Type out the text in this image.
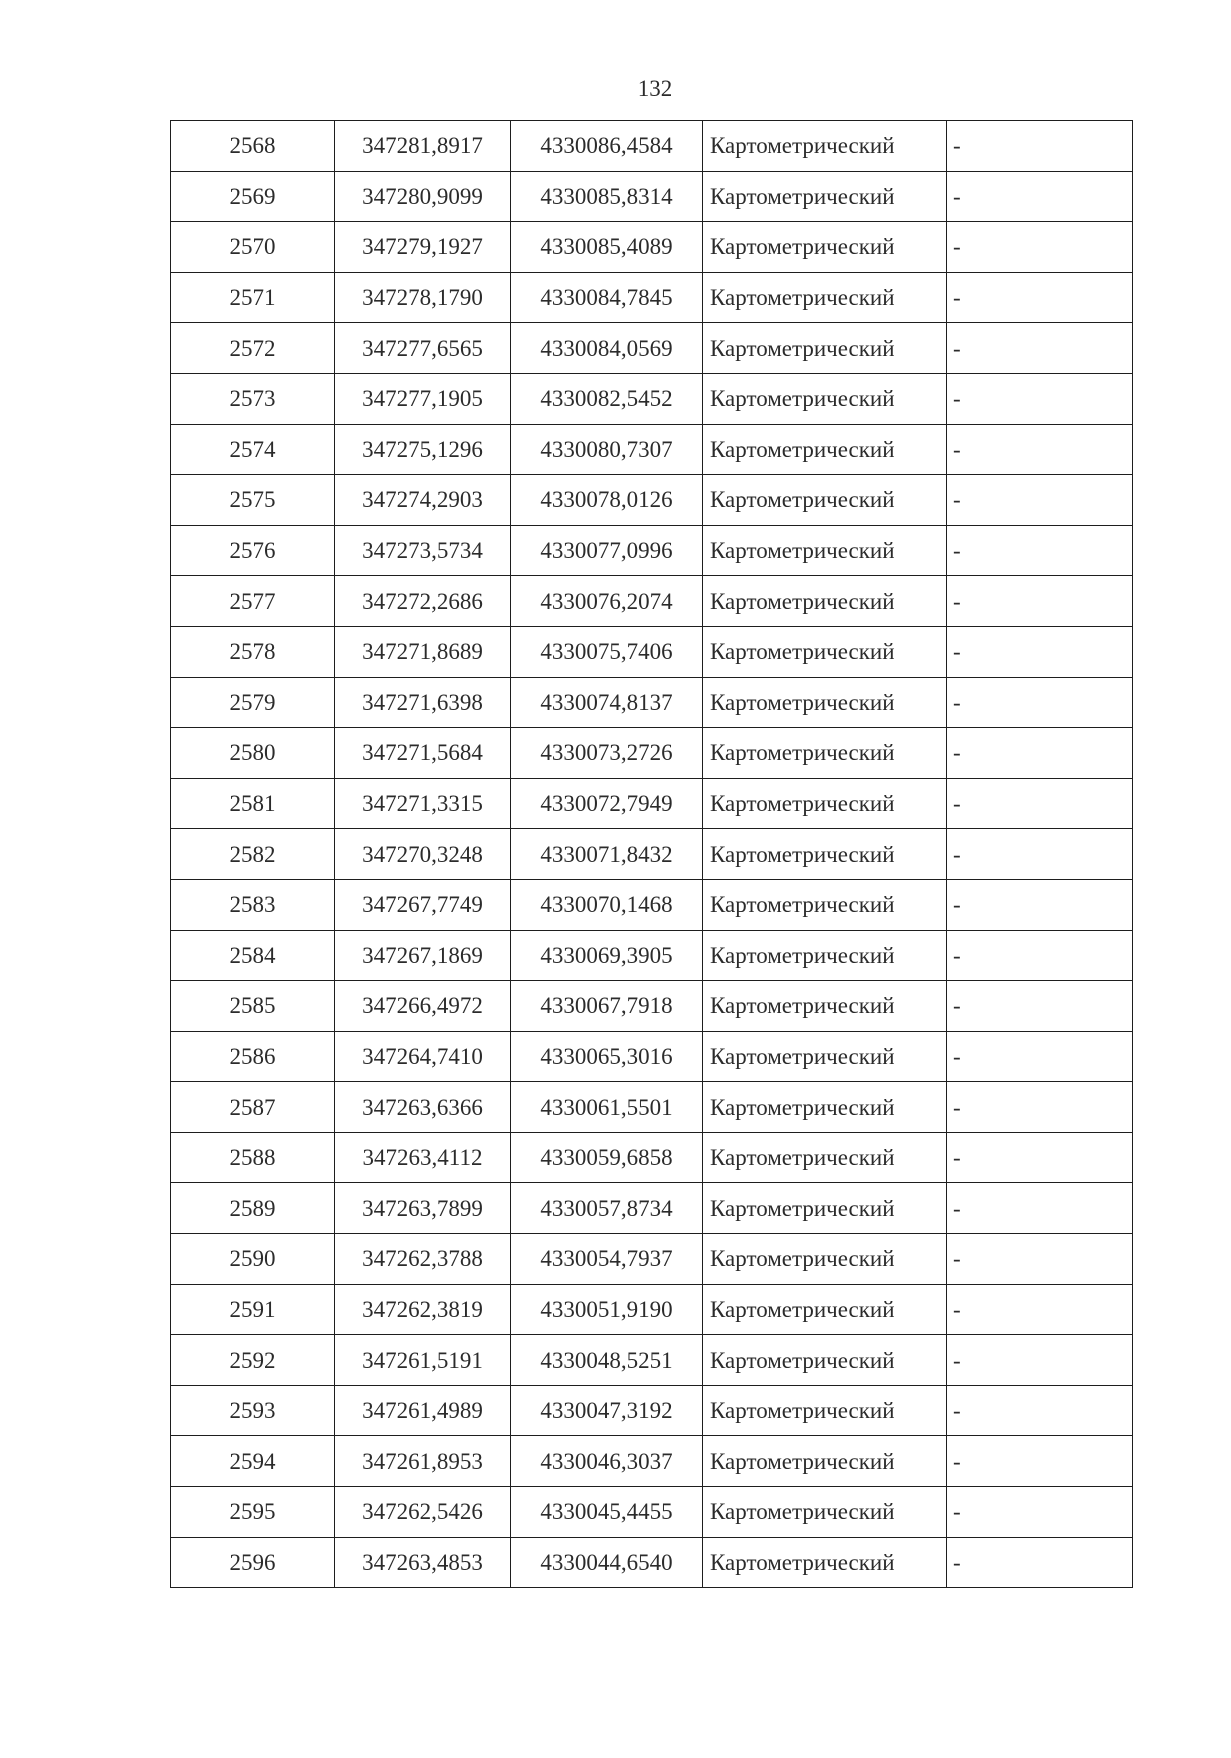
132
2568	347281,8917	4330086,4584	Картометрический	-
2569	347280,9099	4330085,8314	Картометрический	-
2570	347279,1927	4330085,4089	Картометрический	-
2571	347278,1790	4330084,7845	Картометрический	-
2572	347277,6565	4330084,0569	Картометрический	-
2573	347277,1905	4330082,5452	Картометрический	-
2574	347275,1296	4330080,7307	Картометрический	-
2575	347274,2903	4330078,0126	Картометрический	-
2576	347273,5734	4330077,0996	Картометрический	-
2577	347272,2686	4330076,2074	Картометрический	-
2578	347271,8689	4330075,7406	Картометрический	-
2579	347271,6398	4330074,8137	Картометрический	-
2580	347271,5684	4330073,2726	Картометрический	-
2581	347271,3315	4330072,7949	Картометрический	-
2582	347270,3248	4330071,8432	Картометрический	-
2583	347267,7749	4330070,1468	Картометрический	-
2584	347267,1869	4330069,3905	Картометрический	-
2585	347266,4972	4330067,7918	Картометрический	-
2586	347264,7410	4330065,3016	Картометрический	-
2587	347263,6366	4330061,5501	Картометрический	-
2588	347263,4112	4330059,6858	Картометрический	-
2589	347263,7899	4330057,8734	Картометрический	-
2590	347262,3788	4330054,7937	Картометрический	-
2591	347262,3819	4330051,9190	Картометрический	-
2592	347261,5191	4330048,5251	Картометрический	-
2593	347261,4989	4330047,3192	Картометрический	-
2594	347261,8953	4330046,3037	Картометрический	-
2595	347262,5426	4330045,4455	Картометрический	-
2596	347263,4853	4330044,6540	Картометрический	-
